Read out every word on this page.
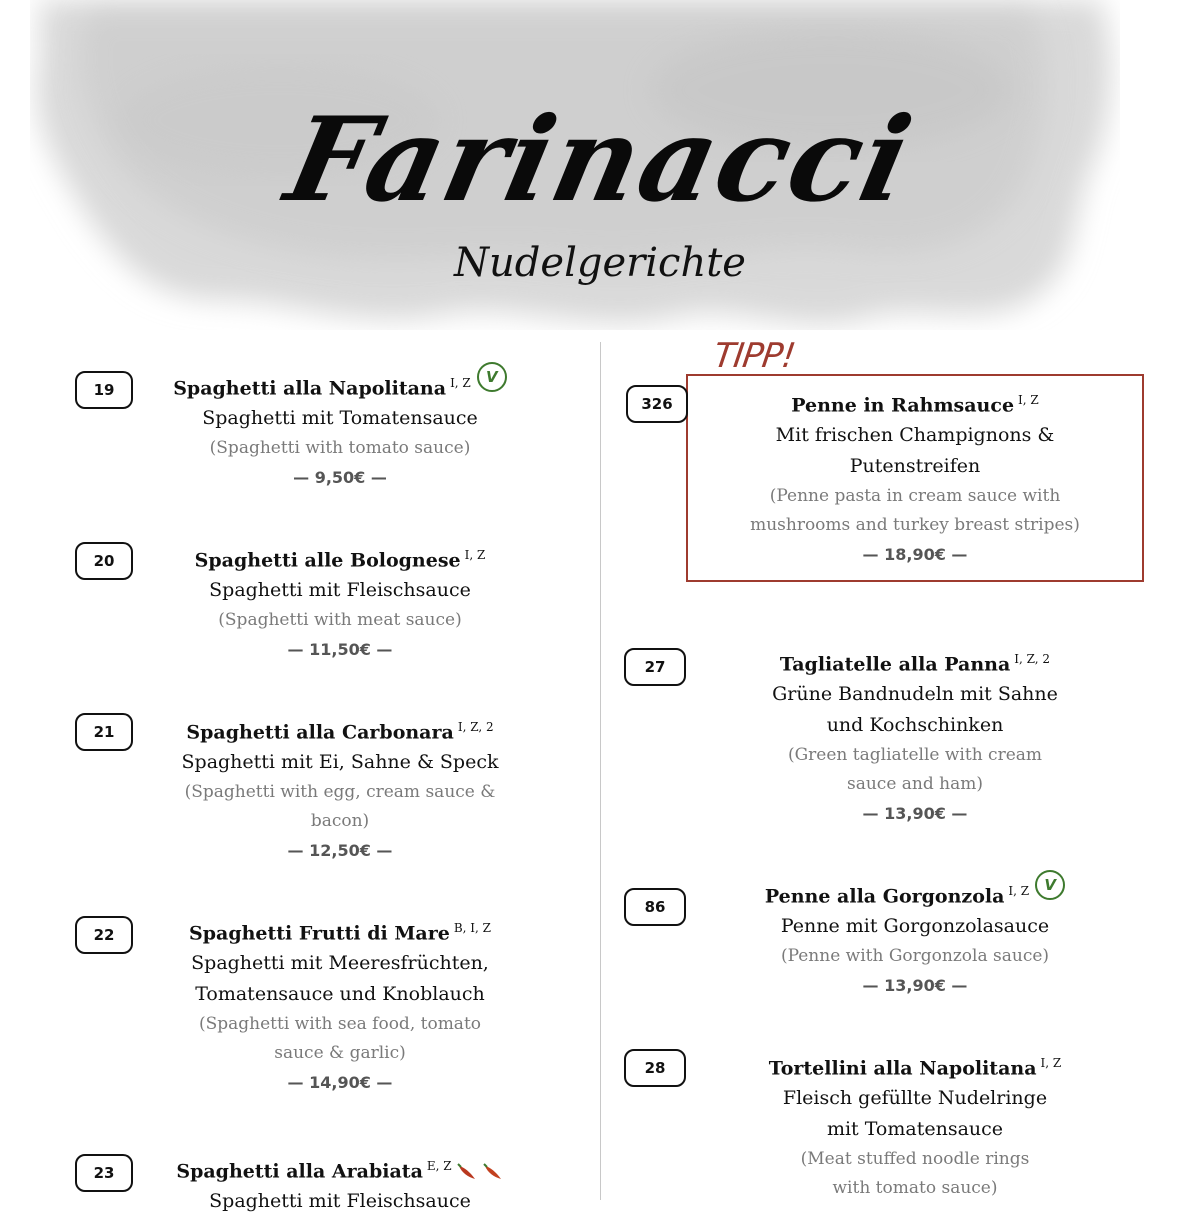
Farinacci
Nudelgerichte
19	Spaghetti alla Napolitana $^{I, Z}$ V
Spaghetti mit Tomatensauce
(Spaghetti with tomato sauce)
— 9,50€ —
20	Spaghetti alle Bolognese $^{I, Z}$
Spaghetti mit Fleischsauce
(Spaghetti with meat sauce)
— 11,50€ —
21	Spaghetti alla Carbonara $^{I, Z, 2}$
Spaghetti mit Ei, Sahne & Speck
(Spaghetti with egg, cream sauce &
bacon)
— 12,50€ —
22	Spaghetti Frutti di Mare $^{B, I, Z}$
Spaghetti mit Meeresfrüchten,
Tomatensauce und Knoblauch
(Spaghetti with sea food, tomato
sauce & garlic)
— 14,90€ —
23	Spaghetti alla Arabiata $^{E, Z}$
Spaghetti mit Fleischsauce
TIPP!
326	Penne in Rahmsauce $^{I, Z}$
Mit frischen Champignons &
Putenstreifen
(Penne pasta in cream sauce with
mushrooms and turkey breast stripes)
— 18,90€ —
27	Tagliatelle alla Panna $^{I, Z, 2}$
Grüne Bandnudeln mit Sahne
und Kochschinken
(Green tagliatelle with cream
sauce and ham)
— 13,90€ —
86	Penne alla Gorgonzola $^{I, Z}$ V
Penne mit Gorgonzolasauce
(Penne with Gorgonzola sauce)
— 13,90€ —
28	Tortellini alla Napolitana $^{I, Z}$
Fleisch gefüllte Nudelringe
mit Tomatensauce
(Meat stuffed noodle rings
with tomato sauce)
